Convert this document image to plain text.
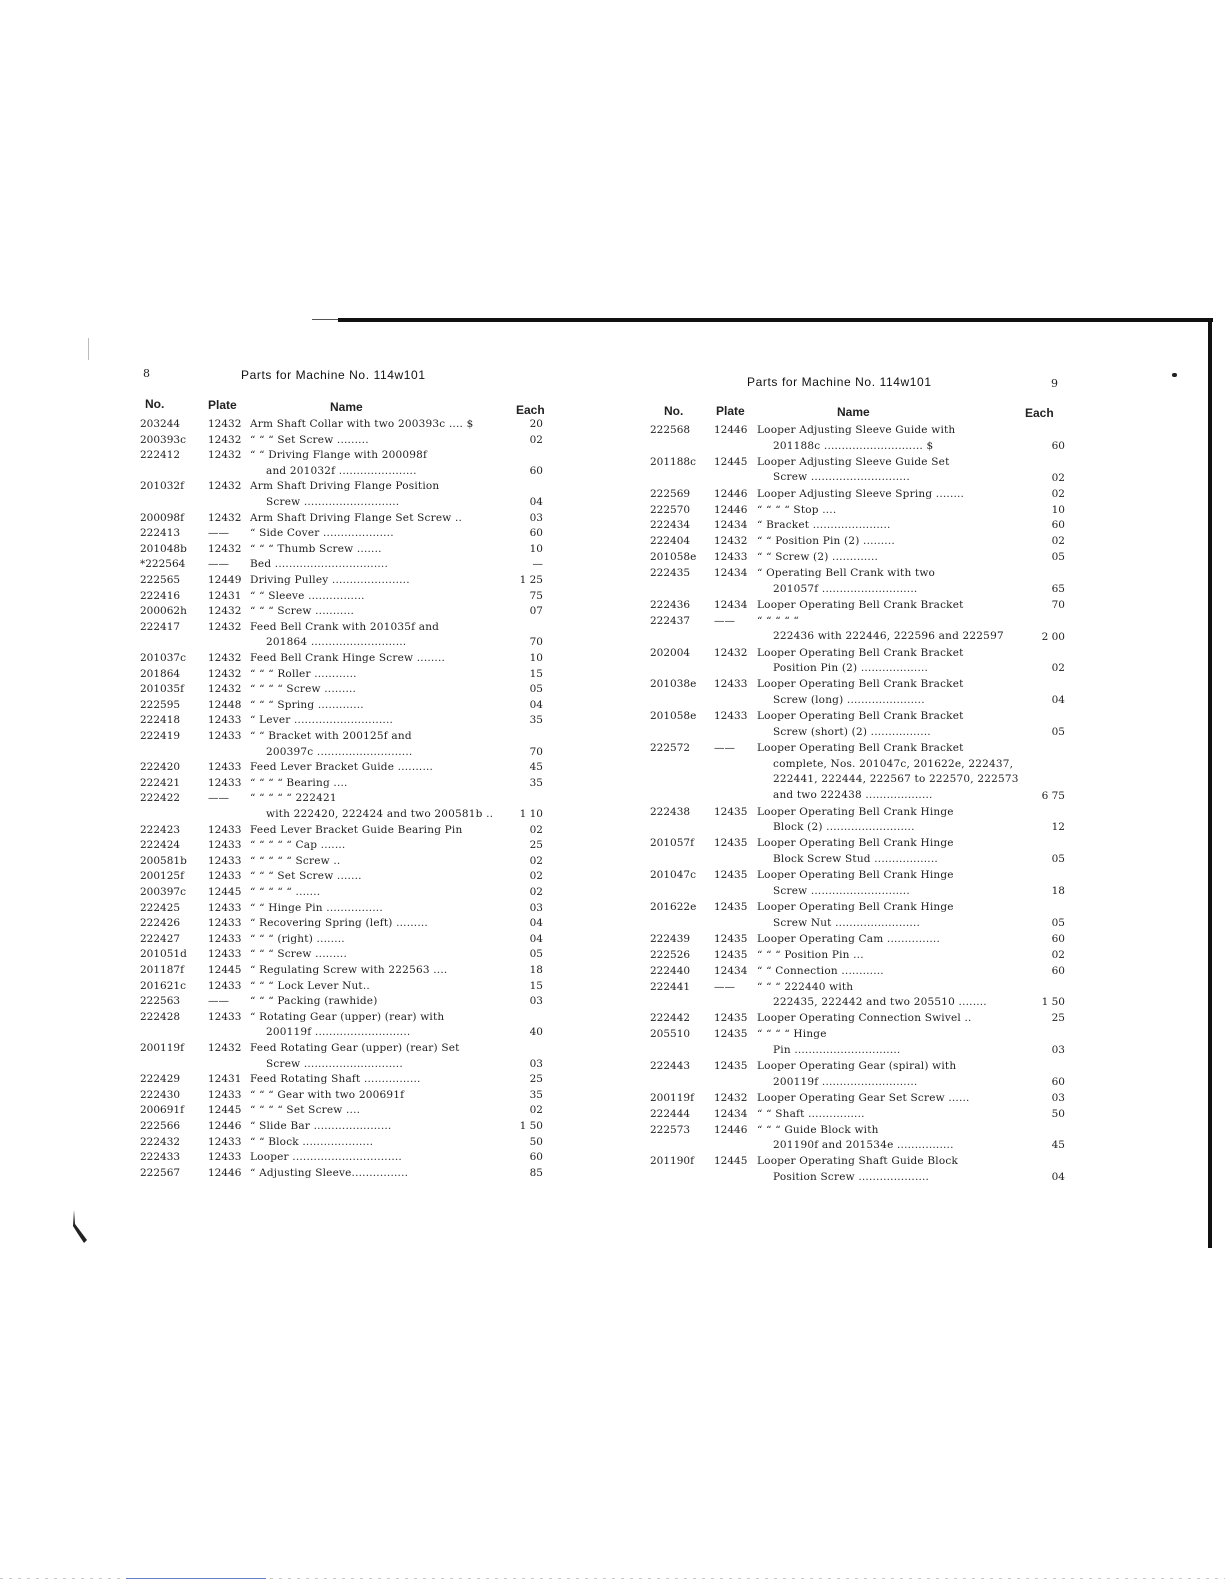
8	Parts for Machine No. 114w101
No.	Plate	Name	Each
203244	12432 Arm Shaft Collar with two 200393c .... $	20
200393c	12432 “ “ “ Set Screw .........	02
222412	12432 “ “ Driving Flange with 200098f
and 201032f ......................	60
201032f	12432 Arm Shaft Driving Flange Position
Screw ...........................	04
200098f	12432 Arm Shaft Driving Flange Set Screw ..	03
222413	——	“ Side Cover ....................	60
201048b	12432 “ “ “ Thumb Screw .......	10
*222564	——	Bed ................................	—
222565	12449 Driving Pulley ......................	1 25
222416	12431 “ “ Sleeve ................	75
200062h	12432 “ “ “ Screw ...........	07
222417	12432 Feed Bell Crank with 201035f and
201864 ...........................	70
201037c	12432 Feed Bell Crank Hinge Screw ........	10
201864	12432 “ “ “ Roller ............	15
201035f	12432 “ “ “ “ Screw .........	05
222595	12448 “ “ “ Spring .............	04
222418	12433 “ Lever ............................	35
222419	12433 “ “ Bracket with 200125f and
200397c ...........................	70
222420	12433 Feed Lever Bracket Guide ..........	45
222421	12433 “ “ “ “ Bearing ....	35
222422	——	“ “ “ “ “ 222421
with 222420, 222424 and two 200581b ..	1 10
222423	12433 Feed Lever Bracket Guide Bearing Pin	02
222424	12433 “ “ “ “ “ Cap .......	25
200581b	12433 “ “ “ “ “ Screw ..	02
200125f	12433 “ “ “ Set Screw .......	02
200397c	12445 “ “ “ “ “ .......	02
222425	12433 “ “ Hinge Pin ................	03
222426	12433 “ Recovering Spring (left) .........	04
222427	12433 “ “ “ (right) ........	04
201051d	12433 “ “ “ Screw .........	05
201187f	12445 “ Regulating Screw with 222563 ....	18
201621c	12433 “ “ “ Lock Lever Nut..	15
222563	——	“ “ “ Packing (rawhide)	03
222428	12433 “ Rotating Gear (upper) (rear) with
200119f ...........................	40
200119f	12432 Feed Rotating Gear (upper) (rear) Set
Screw ............................	03
222429	12431 Feed Rotating Shaft ................	25
222430	12433 “ “ “ Gear with two 200691f	35
200691f	12445 “ “ “ “ Set Screw ....	02
222566	12446 “ Slide Bar ......................	1 50
222432	12433 “ “ Block ....................	50
222433	12433 Looper ...............................	60
222567	12446 “ Adjusting Sleeve................	85
9
Parts for Machine No. 114w101
No.	Plate	Name	Each
222568	12446 Looper Adjusting Sleeve Guide with
201188c ............................ $	60
201188c	12445 Looper Adjusting Sleeve Guide Set
Screw ............................	02
222569	12446 Looper Adjusting Sleeve Spring ........	02
222570	12446 “ “ “ “ Stop ....	10
222434	12434 “ Bracket ......................	60
222404	12432 “ “ Position Pin (2) .........	02
201058e	12433 “ “ Screw (2) .............	05
222435	12434 “ Operating Bell Crank with two
201057f ...........................	65
222436	12434 Looper Operating Bell Crank Bracket	70
222437	——	“ “ “ “ “
222436 with 222446, 222596 and 222597	2 00
202004	12432 Looper Operating Bell Crank Bracket
Position Pin (2) ...................	02
201038e	12433 Looper Operating Bell Crank Bracket
Screw (long) ......................	04
201058e	12433 Looper Operating Bell Crank Bracket
Screw (short) (2) .................	05
222572	——	Looper Operating Bell Crank Bracket
complete, Nos. 201047c, 201622e, 222437,
222441, 222444, 222567 to 222570, 222573
and two 222438 ...................	6 75
222438	12435 Looper Operating Bell Crank Hinge
Block (2) .........................	12
201057f	12435 Looper Operating Bell Crank Hinge
Block Screw Stud ..................	05
201047c	12435 Looper Operating Bell Crank Hinge
Screw ............................	18
201622e	12435 Looper Operating Bell Crank Hinge
Screw Nut ........................	05
222439	12435 Looper Operating Cam ...............	60
222526	12435 “ “ “ Position Pin ...	02
222440	12434 “ “ Connection ............	60
222441	——	“ “ “ 222440 with
222435, 222442 and two 205510 ........	1 50
222442	12435 Looper Operating Connection Swivel ..	25
205510	12435 “ “ “ “ Hinge
Pin ..............................	03
222443	12435 Looper Operating Gear (spiral) with
200119f ...........................	60
200119f	12432 Looper Operating Gear Set Screw ......	03
222444	12434 “ “ Shaft ................	50
222573	12446 “ “ “ Guide Block with
201190f and 201534e ................	45
201190f	12445 Looper Operating Shaft Guide Block
Position Screw ....................	04
